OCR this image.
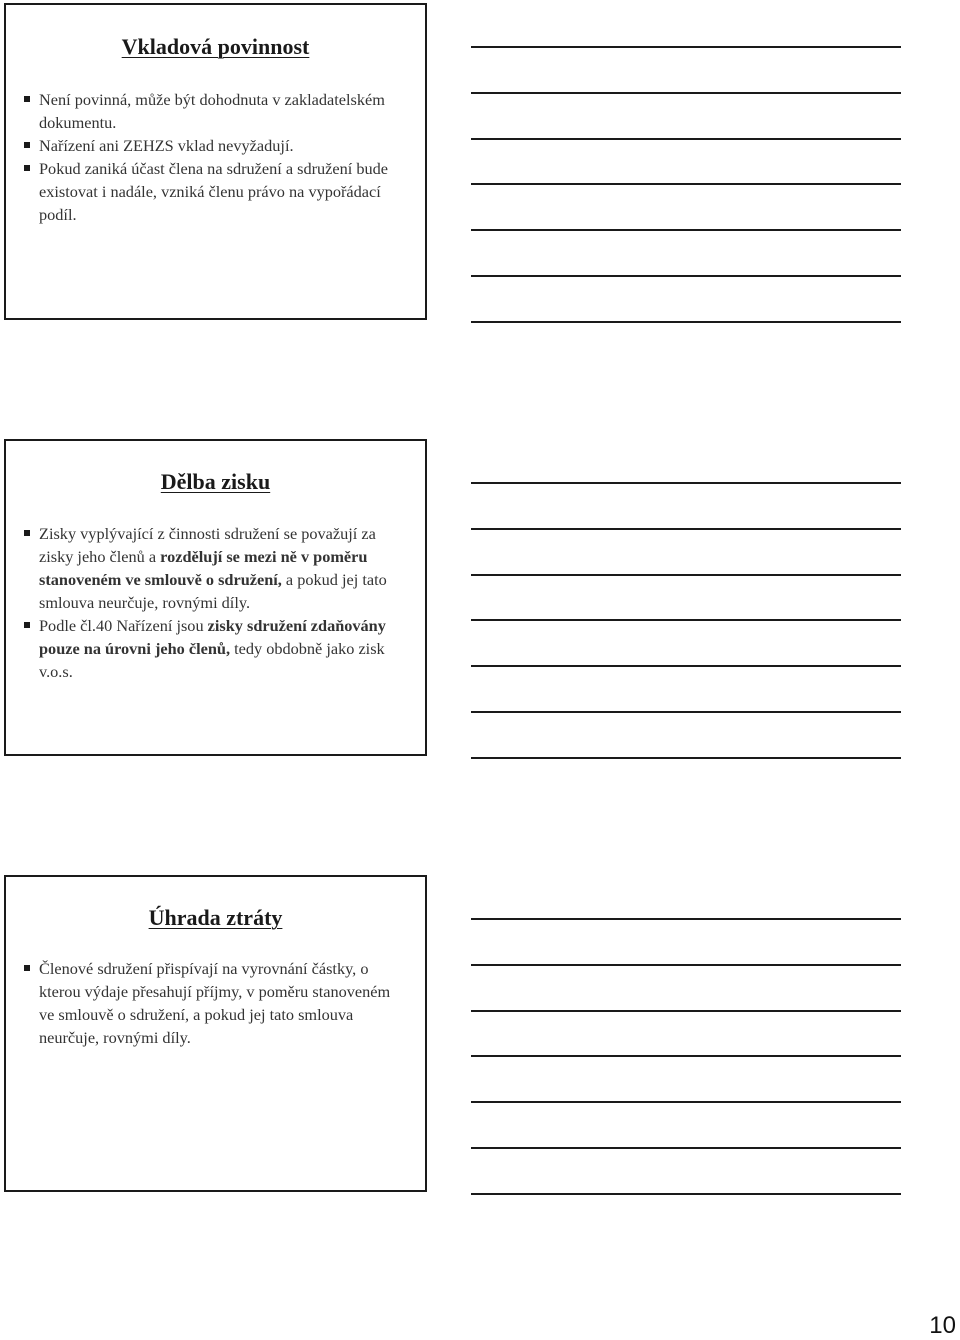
Vkladová povinnost
Není povinná, může být dohodnuta v zakladatelském dokumentu.
Nařízení ani ZEHZS vklad nevyžadují.
Pokud zaniká účast člena na sdružení a sdružení bude existovat i nadále, vzniká členu právo na vypořádací podíl.
Dělba zisku
Zisky vyplývající z činnosti sdružení se považují za zisky jeho členů a rozdělují se mezi ně v poměru stanoveném ve smlouvě o sdružení, a pokud jej tato smlouva neurčuje, rovnými díly.
Podle čl.40 Nařízení jsou zisky sdružení zdaňovány pouze na úrovni jeho členů, tedy obdobně jako zisk v.o.s.
Úhrada ztráty
Členové sdružení přispívají na vyrovnání částky, o kterou výdaje přesahují příjmy, v poměru stanoveném ve smlouvě o sdružení, a pokud jej tato smlouva neurčuje, rovnými díly.
10
